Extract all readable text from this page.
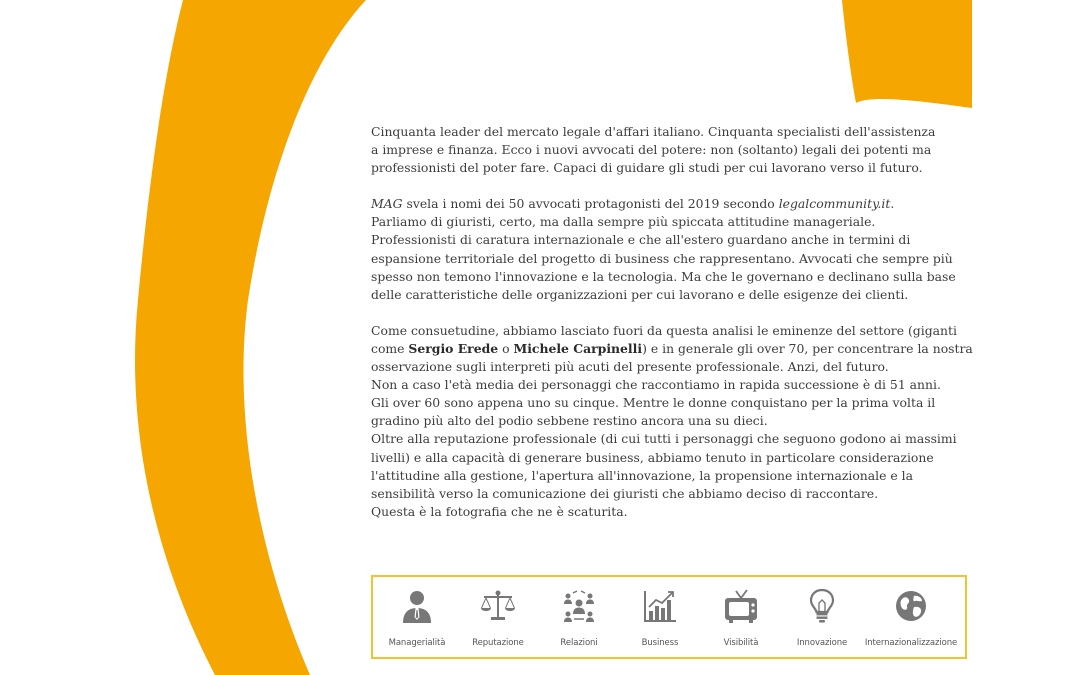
Cinquanta leader del mercato legale d'affari italiano. Cinquanta specialisti dell'assistenza
a imprese e finanza. Ecco i nuovi avvocati del potere: non (soltanto) legali dei potenti ma
professionisti del poter fare. Capaci di guidare gli studi per cui lavorano verso il futuro.

MAG svela i nomi dei 50 avvocati protagonisti del 2019 secondo legalcommunity.it.
Parliamo di giuristi, certo, ma dalla sempre più spiccata attitudine manageriale.
Professionisti di caratura internazionale e che all'estero guardano anche in termini di
espansione territoriale del progetto di business che rappresentano. Avvocati che sempre più
spesso non temono l'innovazione e la tecnologia. Ma che le governano e declinano sulla base
delle caratteristiche delle organizzazioni per cui lavorano e delle esigenze dei clienti.

Come consuetudine, abbiamo lasciato fuori da questa analisi le eminenze del settore (giganti
come Sergio Erede o Michele Carpinelli) e in generale gli over 70, per concentrare la nostra
osservazione sugli interpreti più acuti del presente professionale. Anzi, del futuro.
Non a caso l'età media dei personaggi che raccontiamo in rapida successione è di 51 anni.
Gli over 60 sono appena uno su cinque. Mentre le donne conquistano per la prima volta il
gradino più alto del podio sebbene restino ancora una su dieci.
Oltre alla reputazione professionale (di cui tutti i personaggi che seguono godono ai massimi
livelli) e alla capacità di generare business, abbiamo tenuto in particolare considerazione
l'attitudine alla gestione, l'apertura all'innovazione, la propensione internazionale e la
sensibilità verso la comunicazione dei giuristi che abbiamo deciso di raccontare.
Questa è la fotografia che ne è scaturita.

Managerialità	Reputazione	Relazioni	Business	Visibilità	Innovazione Internazionalizzazione
